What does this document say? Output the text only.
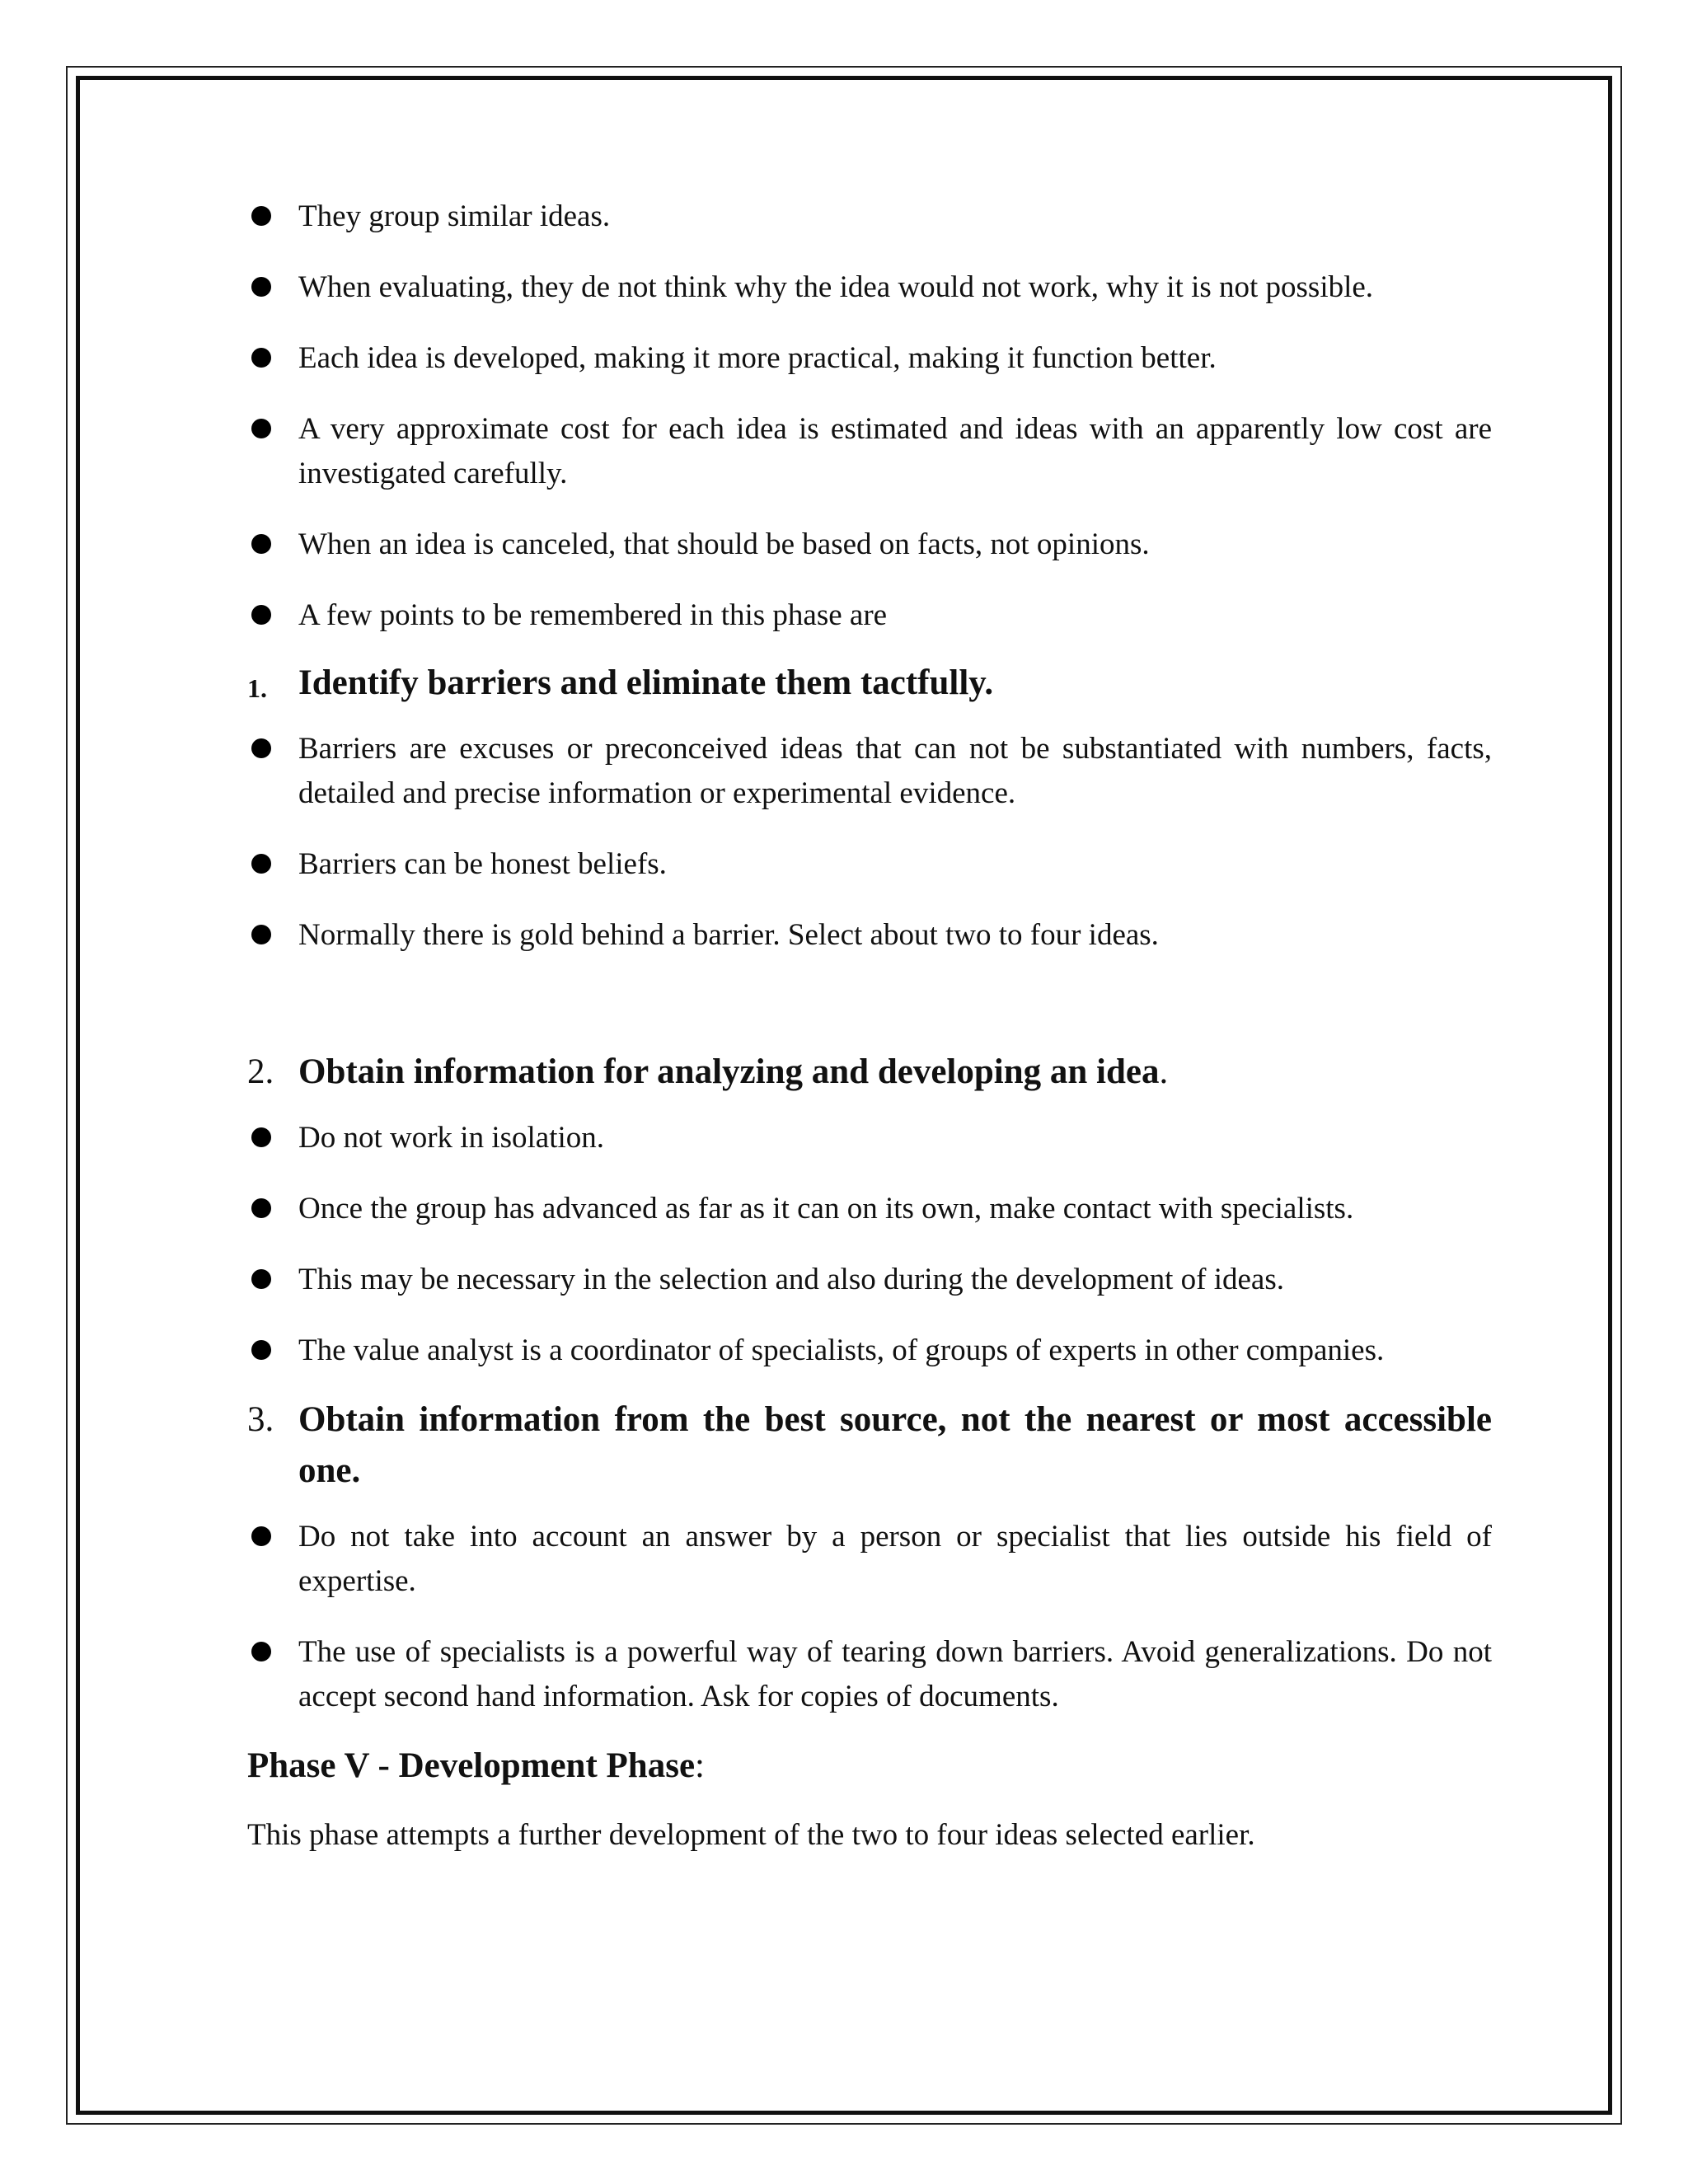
They group similar ideas.
When evaluating, they de not think why the idea would not work, why it is not possible.
Each idea is developed, making it more practical, making it function better.
A very approximate cost for each idea is estimated and ideas with an apparently low cost are investigated carefully.
When an idea is canceled, that should be based on facts, not opinions.
A few points to be remembered in this phase are
1. Identify barriers and eliminate them tactfully.
Barriers are excuses or preconceived ideas that can not be substantiated with numbers, facts, detailed and precise information or experimental evidence.
Barriers can be honest beliefs.
Normally there is gold behind a barrier. Select about two to four ideas.
2. Obtain information for analyzing and developing an idea.
Do not work in isolation.
Once the group has advanced as far as it can on its own, make contact with specialists.
This may be necessary in the selection and also during the development of ideas.
The value analyst is a coordinator of specialists, of groups of experts in other companies.
3. Obtain information from the best source, not the nearest or most accessible one.
Do not take into account an answer by a person or specialist that lies outside his field of expertise.
The use of specialists is a powerful way of tearing down barriers. Avoid generalizations. Do not accept second hand information. Ask for copies of documents.
Phase V - Development Phase:
This phase attempts a further development of the two to four ideas selected earlier.
